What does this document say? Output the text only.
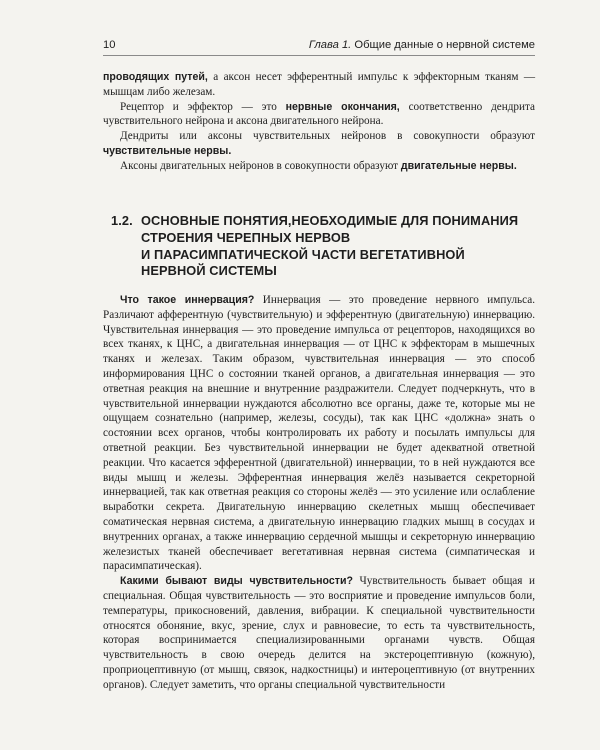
10	Глава 1. Общие данные о нервной системе

проводящих путей, а аксон несет эфферентный импульс к эффекторным тканям — мышцам либо железам.

Рецептор и эффектор — это нервные окончания, соответственно дендрита чувствительного нейрона и аксона двигательного нейрона.

Дендриты или аксоны чувствительных нейронов в совокупности образуют чувствительные нервы.

Аксоны двигательных нейронов в совокупности образуют двигательные нервы.

1.2. ОСНОВНЫЕ ПОНЯТИЯ,НЕОБХОДИМЫЕ ДЛЯ ПОНИМАНИЯ
СТРОЕНИЯ ЧЕРЕПНЫХ НЕРВОВ
И ПАРАСИМПАТИЧЕСКОЙ ЧАСТИ ВЕГЕТАТИВНОЙ
НЕРВНОЙ СИСТЕМЫ

Что такое иннервация? Иннервация — это проведение нервного импульса. Различают афферентную (чувствительную) и эфферентную (двигательную) иннервацию. Чувствительная иннервация — это проведение импульса от рецепторов, находящихся во всех тканях, к ЦНС, а двигательная иннервация — от ЦНС к эффекторам в мышечных тканях и железах. Таким образом, чувствительная иннервация — это способ информирования ЦНС о состоянии тканей органов, а двигательная иннервация — это ответная реакция на внешние и внутренние раздражители. Следует подчеркнуть, что в чувствительной иннервации нуждаются абсолютно все органы, даже те, которые мы не ощущаем сознательно (например, железы, сосуды), так как ЦНС «должна» знать о состоянии всех органов, чтобы контролировать их работу и посылать импульсы для ответной реакции. Без чувствительной иннервации не будет адекватной ответной реакции. Что касается эфферентной (двигательной) иннервации, то в ней нуждаются все виды мышц и железы. Эфферентная иннервация желёз называется секреторной иннервацией, так как ответная реакция со стороны желёз — это усиление или ослабление выработки секрета. Двигательную иннервацию скелетных мышц обеспечивает соматическая нервная система, а двигательную иннервацию гладких мышц в сосудах и внутренних органах, а также иннервацию сердечной мышцы и секреторную иннервацию железистых тканей обеспечивает вегетативная нервная система (симпатическая и парасимпатическая).

Какими бывают виды чувствительности? Чувствительность бывает общая и специальная. Общая чувствительность — это восприятие и проведение импульсов боли, температуры, прикосновений, давления, вибрации. К специальной чувствительности относятся обоняние, вкус, зрение, слух и равновесие, то есть та чувствительность, которая воспринимается специализированными органами чувств. Общая чувствительность в свою очередь делится на экстероцептивную (кожную), проприоцептивную (от мышц, связок, надкостницы) и интероцептивную (от внутренних органов). Следует заметить, что органы специальной чувствительности
